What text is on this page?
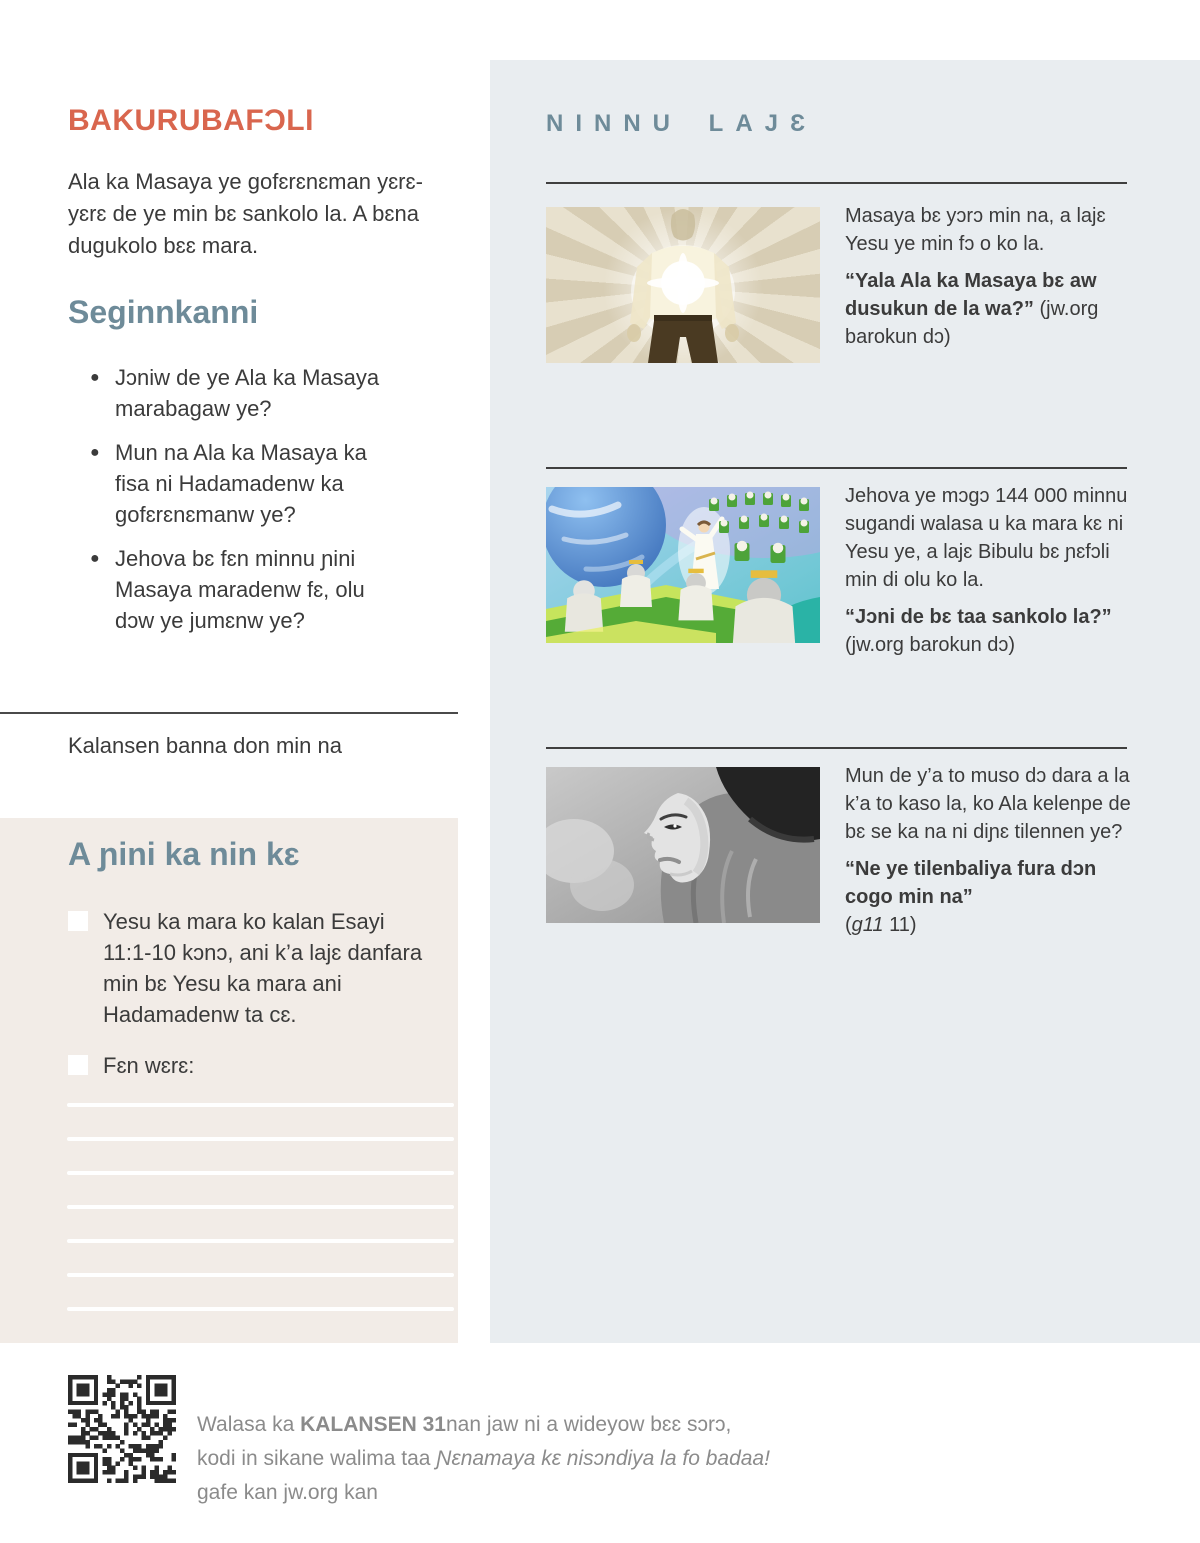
BAKURUBAFƆLI

Ala ka Masaya ye gofɛrɛnɛman yɛrɛ-yɛrɛ de ye min bɛ sankolo la. A bɛna dugukolo bɛɛ mara.

Seginnkanni
● Jɔniw de ye Ala ka Masaya marabagaw ye?
● Mun na Ala ka Masaya ka fisa ni Hadamadenw ka gofɛrɛnɛmanw ye?
● Jehova bɛ fɛn minnu ɲini Masaya maradenw fɛ, olu dɔw ye jumɛnw ye?

Kalansen banna don min na

A ɲini ka nin kɛ
Yesu ka mara ko kalan Esayi 11:1-10 kɔnɔ, ani k’a lajɛ danfara min bɛ Yesu ka mara ani Hadamadenw ta cɛ.
Fɛn wɛrɛ:
NINNU LAJƐ

Masaya bɛ yɔrɔ min na, a lajɛ Yesu ye min fɔ o ko la.

“Yala Ala ka Masaya bɛ aw dusukun de la wa?” (jw.org barokun dɔ)

Jehova ye mɔgɔ 144 000 minnu sugandi walasa u ka mara kɛ ni Yesu ye, a lajɛ Bibulu bɛ ɲɛfɔli min di olu ko la.

“Jɔni de bɛ taa sankolo la?” (jw.org barokun dɔ)

Mun de y’a to muso dɔ dara a la k’a to kaso la, ko Ala kelenpe de bɛ se ka na ni diɲɛ tilennen ye?

“Ne ye tilenbaliya fura dɔn cogo min na”

(g11 11)

Walasa ka KALANSEN 31nan jaw ni a wideyow bɛɛ sɔrɔ,
kodi in sikane walima taa Ɲɛnamaya kɛ nisɔndiya la fo badaa!
gafe kan jw.org kan
